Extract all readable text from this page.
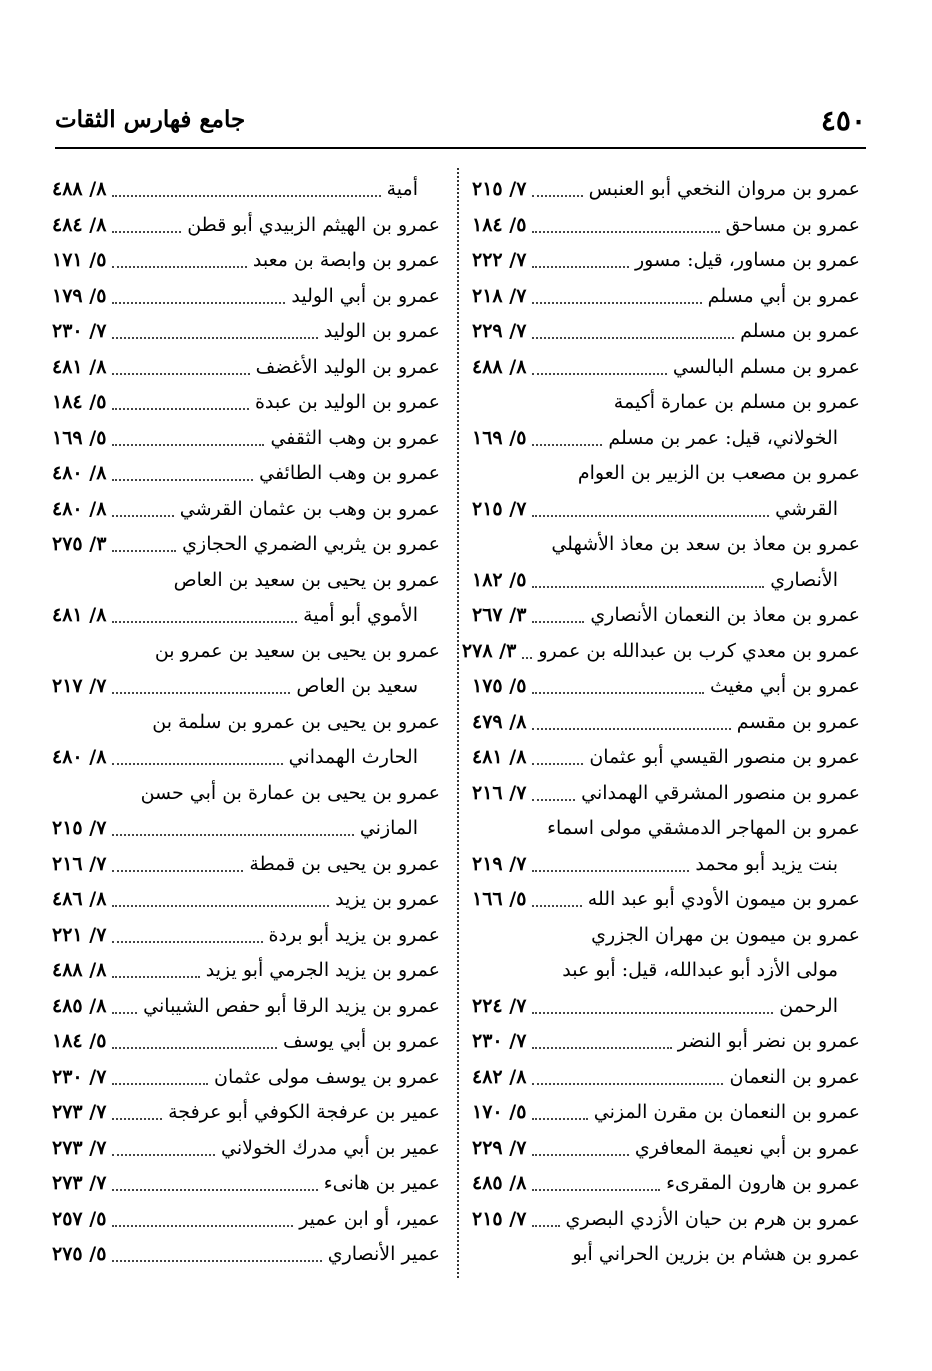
٤٥٠
جامع فهارس الثقات
عمرو بن مروان النخعي أبو العنبس
٧/ ٢١٥
عمرو بن مساحق
٥/ ١٨٤
عمرو بن مساور، قيل: مسور
٧/ ٢٢٢
عمرو بن أبي مسلم
٧/ ٢١٨
عمرو بن مسلم
٧/ ٢٢٩
عمرو بن مسلم البالسي
٨/ ٤٨٨
عمرو بن مسلم بن عمارة أكيمة
الخولاني، قيل: عمر بن مسلم
٥/ ١٦٩
عمرو بن مصعب بن الزبير بن العوام
القرشي
٧/ ٢١٥
عمرو بن معاذ بن سعد بن معاذ الأشهلي
الأنصاري
٥/ ١٨٢
عمرو بن معاذ بن النعمان الأنصاري
٣/ ٢٦٧
عمرو بن معدي كرب بن عبدالله بن عمرو
٣/ ٢٧٨
عمرو بن أبي مغيث
٥/ ١٧٥
عمرو بن مقسم
٨/ ٤٧٩
عمرو بن منصور القيسي أبو عثمان
٨/ ٤٨١
عمرو بن منصور المشرقي الهمداني
٧/ ٢١٦
عمرو بن المهاجر الدمشقي مولى اسماء
بنت يزيد أبو محمد
٧/ ٢١٩
عمرو بن ميمون الأودي أبو عبد الله
٥/ ١٦٦
عمرو بن ميمون بن مهران الجزري
مولى الأزد أبو عبدالله، قيل: أبو عبد
الرحمن
٧/ ٢٢٤
عمرو بن نضر أبو النضر
٧/ ٢٣٠
عمرو بن النعمان
٨/ ٤٨٢
عمرو بن النعمان بن مقرن المزني
٥/ ١٧٠
عمرو بن أبي نعيمة المعافري
٧/ ٢٢٩
عمرو بن هارون المقرىء
٨/ ٤٨٥
عمرو بن هرم بن حيان الأزدي البصري
٧/ ٢١٥
عمرو بن هشام بن بزرين الحراني أبو
أمية
٨/ ٤٨٨
عمرو بن الهيثم الزبيدي أبو قطن
٨/ ٤٨٤
عمرو بن وابصة بن معبد
٥/ ١٧١
عمرو بن أبي الوليد
٥/ ١٧٩
عمرو بن الوليد
٧/ ٢٣٠
عمرو بن الوليد الأغضف
٨/ ٤٨١
عمرو بن الوليد بن عبدة
٥/ ١٨٤
عمرو بن وهب الثقفي
٥/ ١٦٩
عمرو بن وهب الطائفي
٨/ ٤٨٠
عمرو بن وهب بن عثمان القرشي
٨/ ٤٨٠
عمرو بن يثربي الضمري الحجازي
٣/ ٢٧٥
عمرو بن يحيى بن سعيد بن العاص
الأموي أبو أمية
٨/ ٤٨١
عمرو بن يحيى بن سعيد بن عمرو بن
سعيد بن العاص
٧/ ٢١٧
عمرو بن يحيى بن عمرو بن سلمة بن
الحارث الهمداني
٨/ ٤٨٠
عمرو بن يحيى بن عمارة بن أبي حسن
المازني
٧/ ٢١٥
عمرو بن يحيى بن قمطة
٧/ ٢١٦
عمرو بن يزيد
٨/ ٤٨٦
عمرو بن يزيد أبو بردة
٧/ ٢٢١
عمرو بن يزيد الجرمي أبو يزيد
٨/ ٤٨٨
عمرو بن يزيد الرقا أبو حفص الشيباني
٨/ ٤٨٥
عمرو بن أبي يوسف
٥/ ١٨٤
عمرو بن يوسف مولى عثمان
٧/ ٢٣٠
عمير بن عرفجة الكوفي أبو عرفجة
٧/ ٢٧٣
عمير بن أبي مدرك الخولاني
٧/ ٢٧٣
عمير بن هانىء
٧/ ٢٧٣
عمير، أو ابن عمير
٥/ ٢٥٧
عمير الأنصاري
٥/ ٢٧٥
